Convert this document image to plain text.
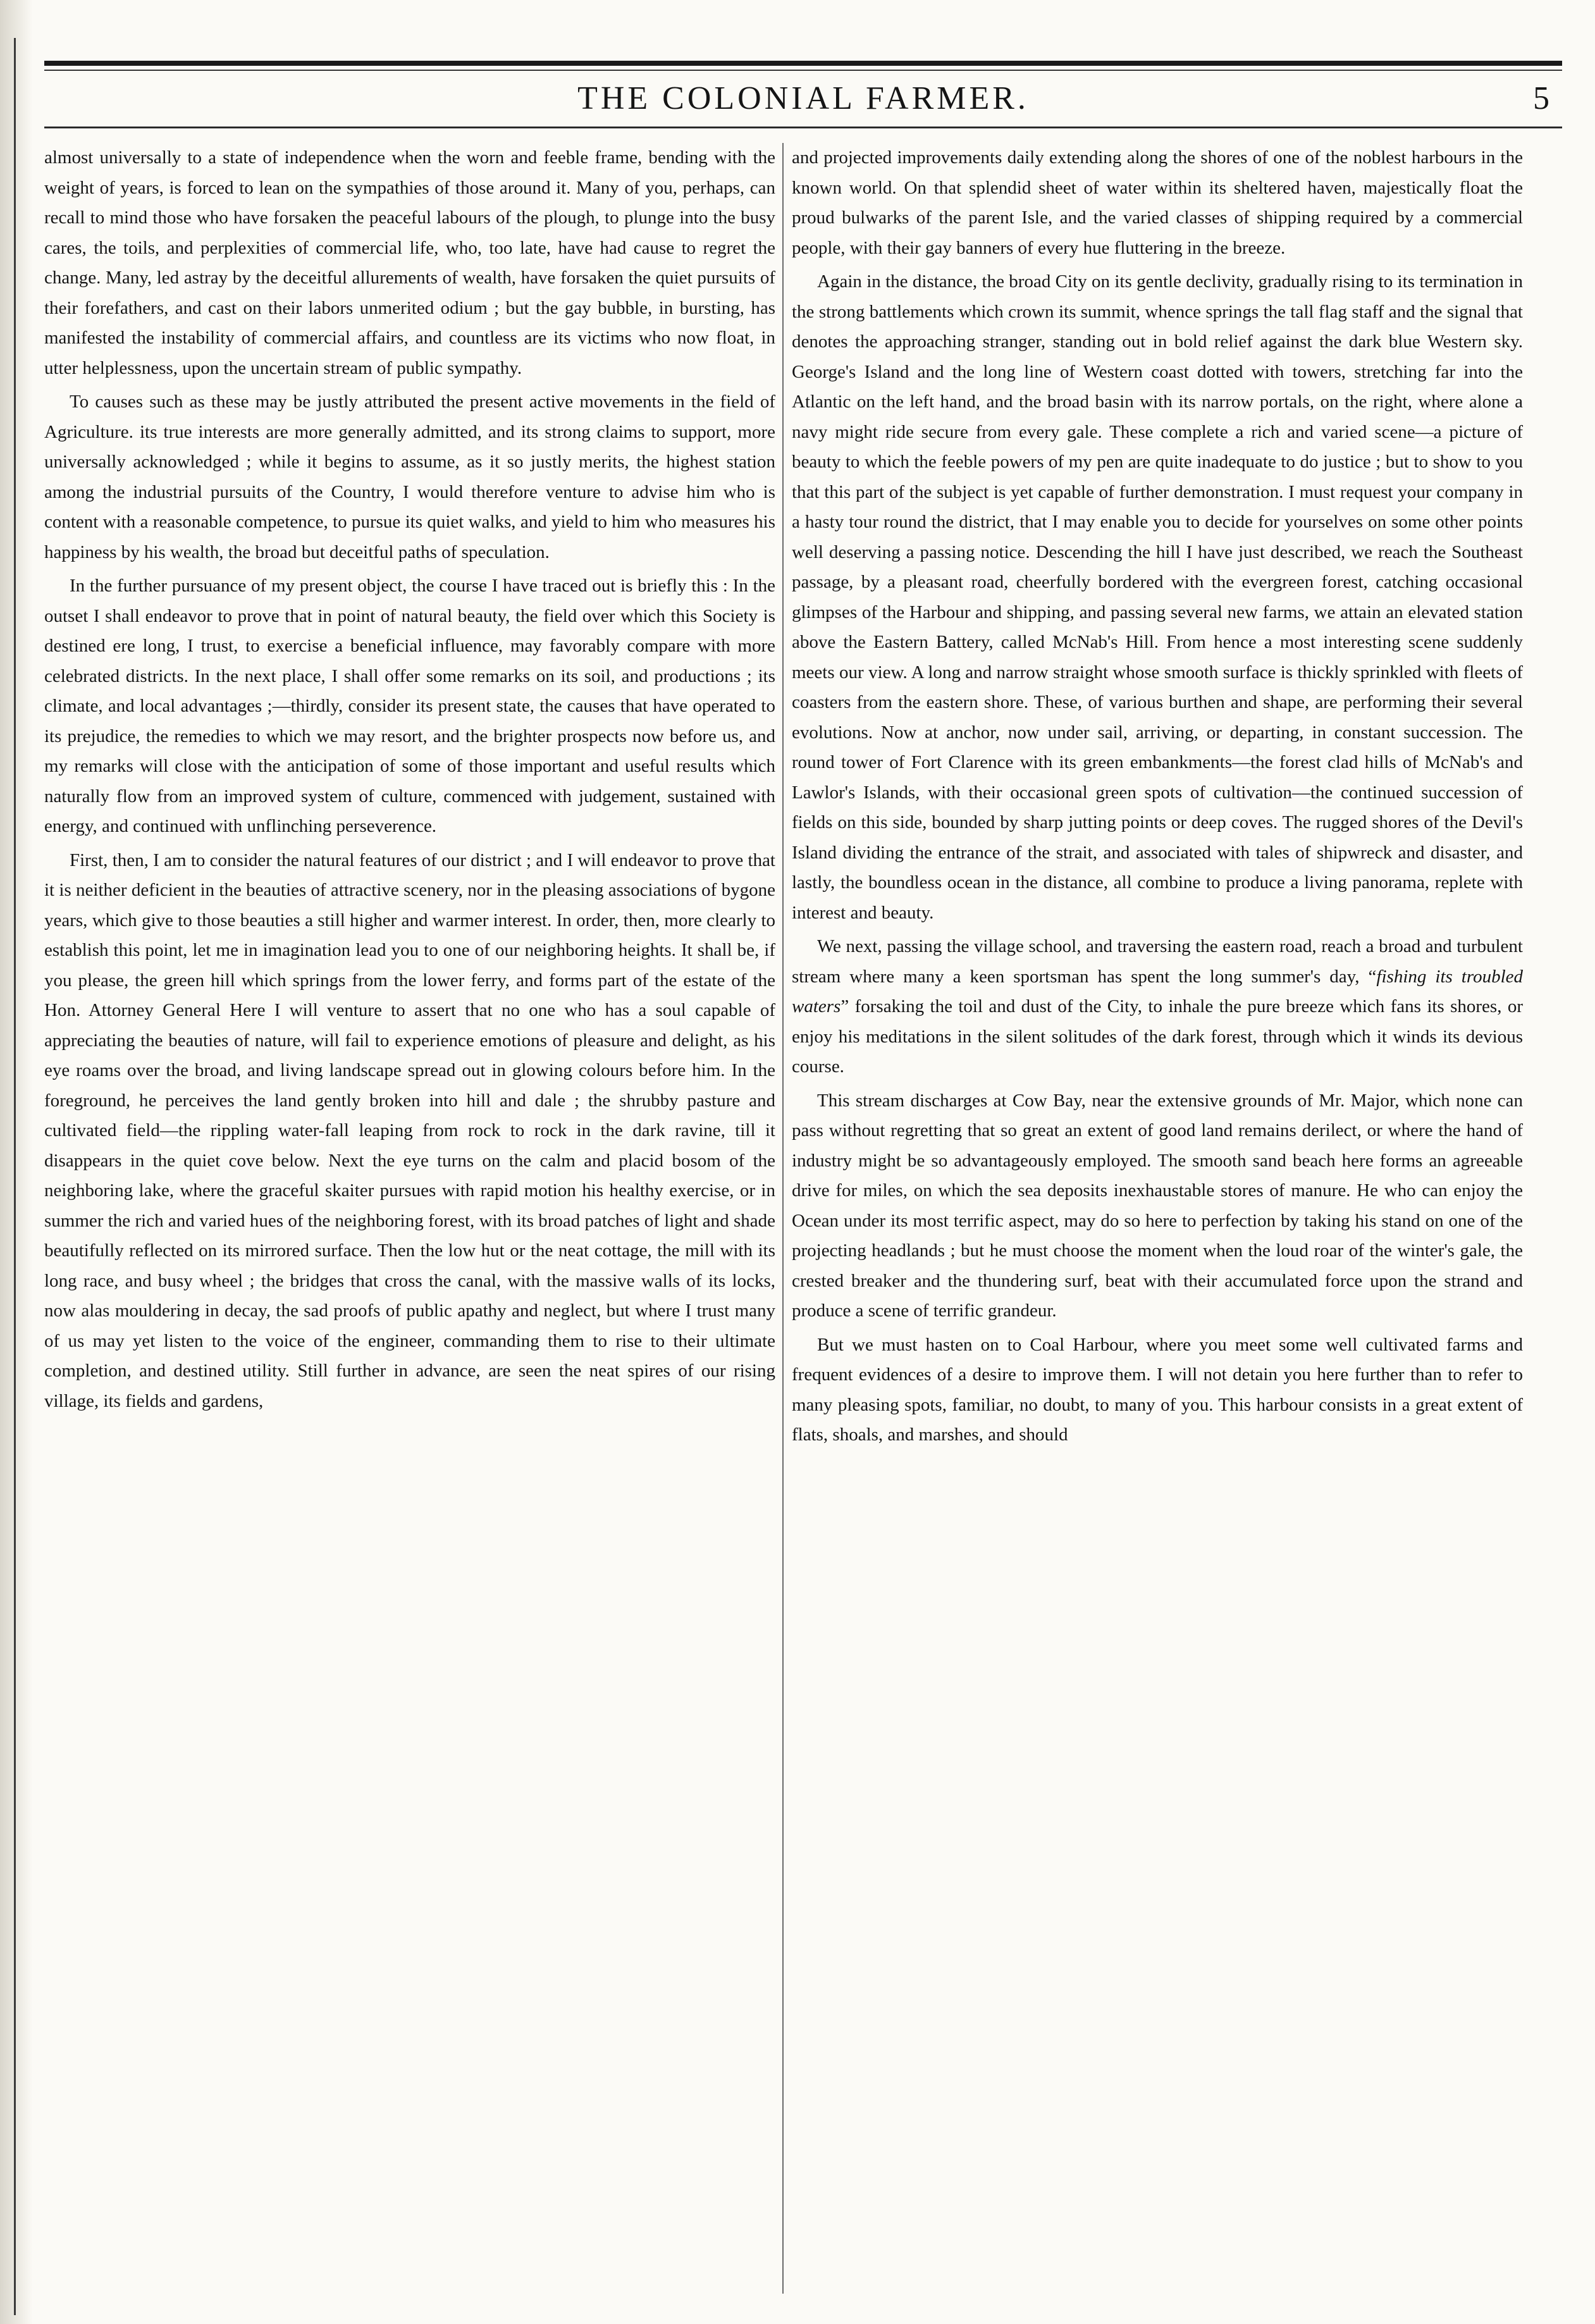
THE COLONIAL FARMER.	5

almost universally to a state of independence when the worn and feeble frame, bending with the weight of years, is forced to lean on the sympathies of those around it. Many of you, perhaps, can recall to mind those who have forsaken the peaceful labours of the plough, to plunge into the busy cares, the toils, and perplexities of commercial life, who, too late, have had cause to regret the change. Many, led astray by the deceitful allurements of wealth, have forsaken the quiet pursuits of their forefathers, and cast on their labors unmerited odium ; but the gay bubble, in bursting, has manifested the instability of commercial affairs, and countless are its victims who now float, in utter helplessness, upon the uncertain stream of public sympathy.

To causes such as these may be justly attributed the present active movements in the field of Agriculture. its true interests are more generally admitted, and its strong claims to support, more universally acknowledged ; while it begins to assume, as it so justly merits, the highest station among the industrial pursuits of the Country, I would therefore venture to advise him who is content with a reasonable competence, to pursue its quiet walks, and yield to him who measures his happiness by his wealth, the broad but deceitful paths of speculation.

In the further pursuance of my present object, the course I have traced out is briefly this : In the outset I shall endeavor to prove that in point of natural beauty, the field over which this Society is destined ere long, I trust, to exercise a beneficial influence, may favorably compare with more celebrated districts. In the next place, I shall offer some remarks on its soil, and productions ; its climate, and local advantages ;—thirdly, consider its present state, the causes that have operated to its prejudice, the remedies to which we may resort, and the brighter prospects now before us, and my remarks will close with the anticipation of some of those important and useful results which naturally flow from an improved system of culture, commenced with judgement, sustained with energy, and continued with unflinching perseverence.

First, then, I am to consider the natural features of our district ; and I will endeavor to prove that it is neither deficient in the beauties of attractive scenery, nor in the pleasing associations of bygone years, which give to those beauties a still higher and warmer interest. In order, then, more clearly to establish this point, let me in imagination lead you to one of our neighboring heights. It shall be, if you please, the green hill which springs from the lower ferry, and forms part of the estate of the Hon. Attorney General Here I will venture to assert that no one who has a soul capable of appreciating the beauties of nature, will fail to experience emotions of pleasure and delight, as his eye roams over the broad, and living landscape spread out in glowing colours before him. In the foreground, he perceives the land gently broken into hill and dale ; the shrubby pasture and cultivated field—the rippling water-fall leaping from rock to rock in the dark ravine, till it disappears in the quiet cove below. Next the eye turns on the calm and placid bosom of the neighboring lake, where the graceful skaiter pursues with rapid motion his healthy exercise, or in summer the rich and varied hues of the neighboring forest, with its broad patches of light and shade beautifully reflected on its mirrored surface. Then the low hut or the neat cottage, the mill with its long race, and busy wheel ; the bridges that cross the canal, with the massive walls of its locks, now alas mouldering in decay, the sad proofs of public apathy and neglect, but where I trust many of us may yet listen to the voice of the engineer, commanding them to rise to their ultimate completion, and destined utility. Still further in advance, are seen the neat spires of our rising village, its fields and gardens,

and projected improvements daily extending along the shores of one of the noblest harbours in the known world. On that splendid sheet of water within its sheltered haven, majestically float the proud bulwarks of the parent Isle, and the varied classes of shipping required by a commercial people, with their gay banners of every hue fluttering in the breeze.

Again in the distance, the broad City on its gentle declivity, gradually rising to its termination in the strong battlements which crown its summit, whence springs the tall flag staff and the signal that denotes the approaching stranger, standing out in bold relief against the dark blue Western sky. George's Island and the long line of Western coast dotted with towers, stretching far into the Atlantic on the left hand, and the broad basin with its narrow portals, on the right, where alone a navy might ride secure from every gale. These complete a rich and varied scene—a picture of beauty to which the feeble powers of my pen are quite inadequate to do justice ; but to show to you that this part of the subject is yet capable of further demonstration. I must request your company in a hasty tour round the district, that I may enable you to decide for yourselves on some other points well deserving a passing notice. Descending the hill I have just described, we reach the Southeast passage, by a pleasant road, cheerfully bordered with the evergreen forest, catching occasional glimpses of the Harbour and shipping, and passing several new farms, we attain an elevated station above the Eastern Battery, called McNab's Hill. From hence a most interesting scene suddenly meets our view. A long and narrow straight whose smooth surface is thickly sprinkled with fleets of coasters from the eastern shore. These, of various burthen and shape, are performing their several evolutions. Now at anchor, now under sail, arriving, or departing, in constant succession. The round tower of Fort Clarence with its green embankments—the forest clad hills of McNab's and Lawlor's Islands, with their occasional green spots of cultivation—the continued succession of fields on this side, bounded by sharp jutting points or deep coves. The rugged shores of the Devil's Island dividing the entrance of the strait, and associated with tales of shipwreck and disaster, and lastly, the boundless ocean in the distance, all combine to produce a living panorama, replete with interest and beauty.

We next, passing the village school, and traversing the eastern road, reach a broad and turbulent stream where many a keen sportsman has spent the long summer's day, “fishing its troubled waters” forsaking the toil and dust of the City, to inhale the pure breeze which fans its shores, or enjoy his meditations in the silent solitudes of the dark forest, through which it winds its devious course.

This stream discharges at Cow Bay, near the extensive grounds of Mr. Major, which none can pass without regretting that so great an extent of good land remains derilect, or where the hand of industry might be so advantageously employed. The smooth sand beach here forms an agreeable drive for miles, on which the sea deposits inexhaustable stores of manure. He who can enjoy the Ocean under its most terrific aspect, may do so here to perfection by taking his stand on one of the projecting headlands ; but he must choose the moment when the loud roar of the winter's gale, the crested breaker and the thundering surf, beat with their accumulated force upon the strand and produce a scene of terrific grandeur.

But we must hasten on to Coal Harbour, where you meet some well cultivated farms and frequent evidences of a desire to improve them. I will not detain you here further than to refer to many pleasing spots, familiar, no doubt, to many of you. This harbour consists in a great extent of flats, shoals, and marshes, and should
